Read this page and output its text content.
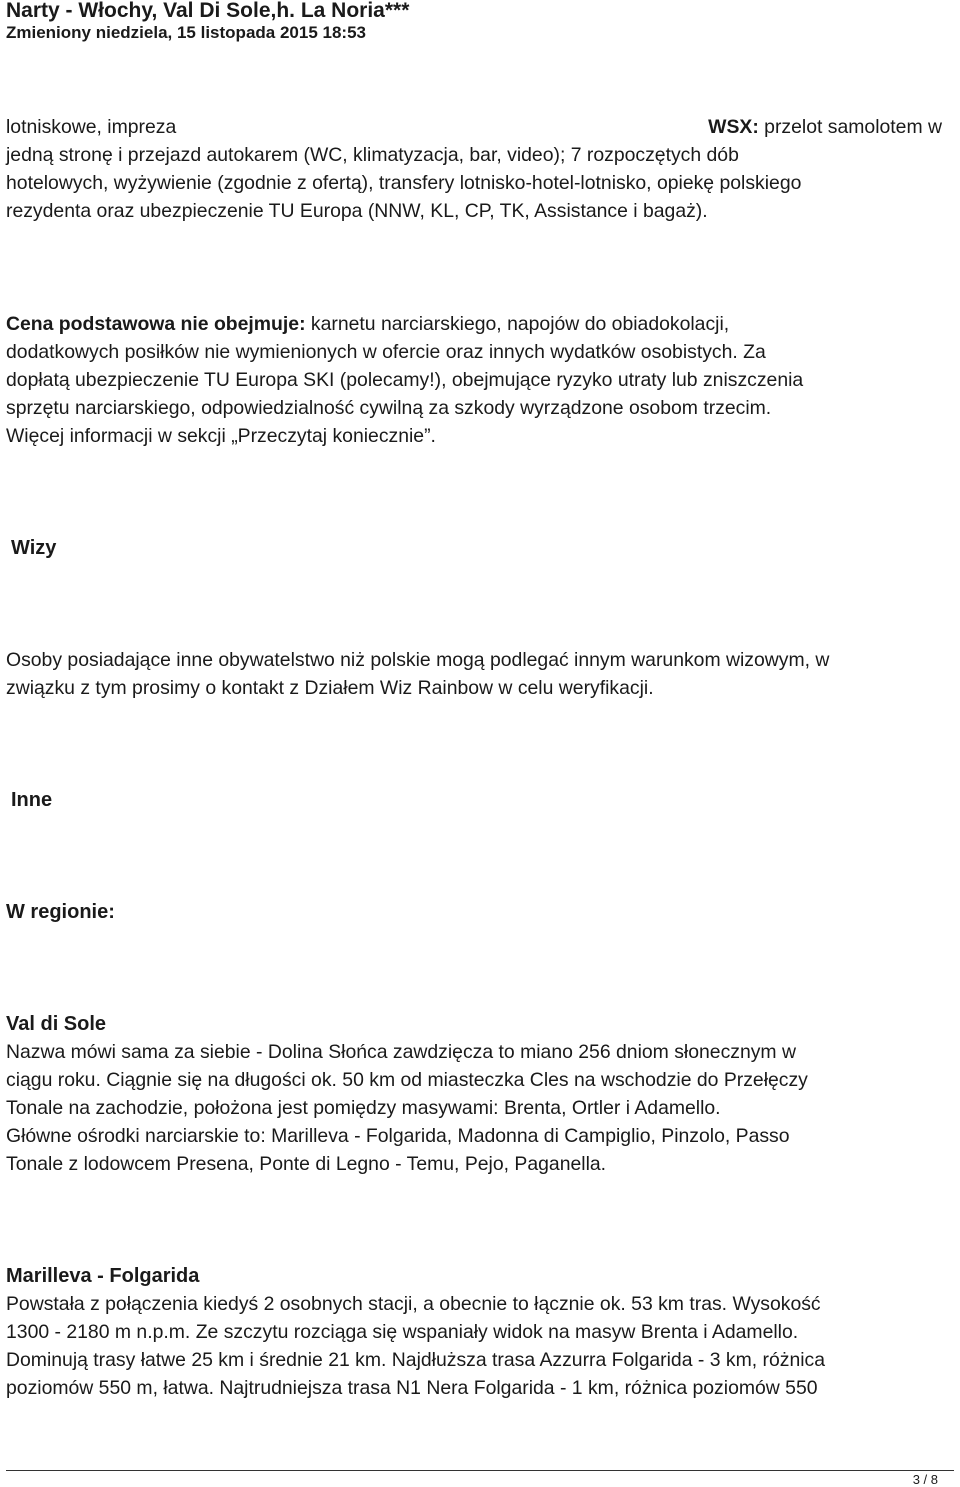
Narty - Włochy, Val Di Sole,h. La Noria***

Zmieniony niedziela, 15 listopada 2015 18:53

lotniskowe, impreza	WSX: przelot samolotem w

jedną stronę i przejazd autokarem (WC, klimatyzacja, bar, video); 7 rozpoczętych dób

hotelowych, wyżywienie (zgodnie z ofertą), transfery lotnisko-hotel-lotnisko, opiekę polskiego

rezydenta oraz ubezpieczenie TU Europa (NNW, KL, CP, TK, Assistance i bagaż).

Cena podstawowa nie obejmuje: karnetu narciarskiego, napojów do obiadokolacji,

dodatkowych posiłków nie wymienionych w ofercie oraz innych wydatków osobistych. Za

dopłatą ubezpieczenie TU Europa SKI (polecamy!), obejmujące ryzyko utraty lub zniszczenia

sprzętu narciarskiego, odpowiedzialność cywilną za szkody wyrządzone osobom trzecim.

Więcej informacji w sekcji „Przeczytaj koniecznie”.

Wizy

Osoby posiadające inne obywatelstwo niż polskie mogą podlegać innym warunkom wizowym, w

związku z tym prosimy o kontakt z Działem Wiz Rainbow w celu weryfikacji.

Inne

W regionie:

Val di Sole

Nazwa mówi sama za siebie - Dolina Słońca zawdzięcza to miano 256 dniom słonecznym w

ciągu roku. Ciągnie się na długości ok. 50 km od miasteczka Cles na wschodzie do Przełęczy

Tonale na zachodzie, położona jest pomiędzy masywami: Brenta, Ortler i Adamello.

Główne ośrodki narciarskie to: Marilleva - Folgarida, Madonna di Campiglio, Pinzolo, Passo

Tonale z lodowcem Presena, Ponte di Legno - Temu, Pejo, Paganella.

Marilleva - Folgarida

Powstała z połączenia kiedyś 2 osobnych stacji, a obecnie to łącznie ok. 53 km tras. Wysokość

1300 - 2180 m n.p.m. Ze szczytu rozciąga się wspaniały widok na masyw Brenta i Adamello.

Dominują trasy łatwe 25 km i średnie 21 km. Najdłuższa trasa Azzurra Folgarida - 3 km, różnica

poziomów 550 m, łatwa. Najtrudniejsza trasa N1 Nera Folgarida - 1 km, różnica poziomów 550

3 / 8
